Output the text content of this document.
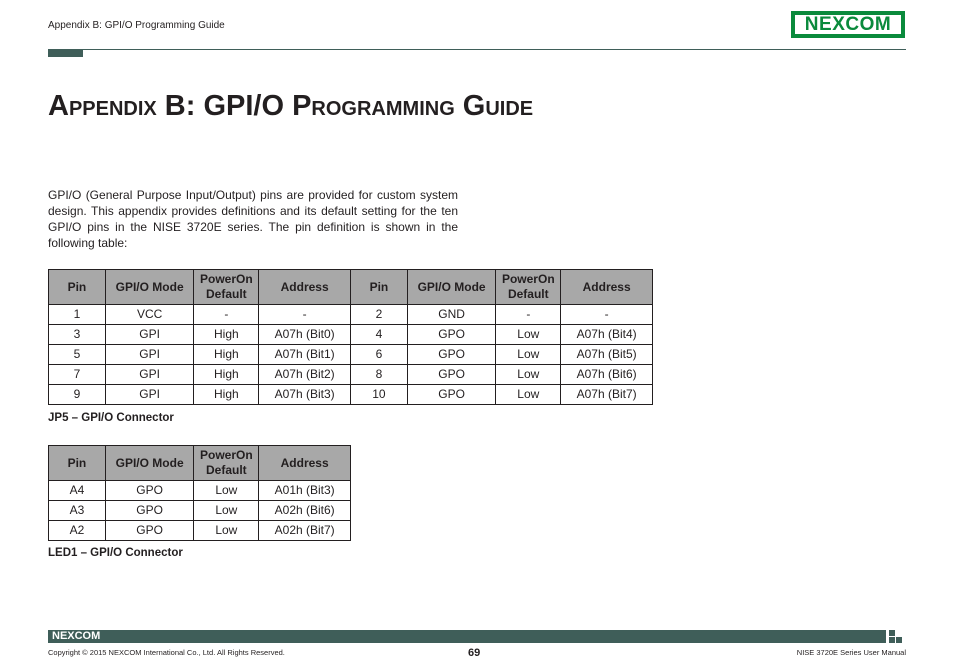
Appendix B: GPI/O Programming Guide	NEXCOM
Appendix B: GPI/O Programming Guide
GPI/O (General Purpose Input/Output) pins are provided for custom system design. This appendix provides definitions and its default setting for the ten GPI/O pins in the NISE 3720E series. The pin definition is shown in the following table:
Pin	GPI/O Mode	PowerOn Default	Address	Pin	GPI/O Mode	PowerOn Default	Address
1	VCC	-	-	2	GND	-	-
3	GPI	High	A07h (Bit0)	4	GPO	Low	A07h (Bit4)
5	GPI	High	A07h (Bit1)	6	GPO	Low	A07h (Bit5)
7	GPI	High	A07h (Bit2)	8	GPO	Low	A07h (Bit6)
9	GPI	High	A07h (Bit3)	10	GPO	Low	A07h (Bit7)
JP5 – GPI/O Connector
Pin	GPI/O Mode	PowerOn Default	Address
A4	GPO	Low	A01h (Bit3)
A3	GPO	Low	A02h (Bit6)
A2	GPO	Low	A02h (Bit7)
LED1 – GPI/O Connector
NEXCOM
Copyright © 2015 NEXCOM International Co., Ltd. All Rights Reserved.	69	NISE 3720E Series User Manual
